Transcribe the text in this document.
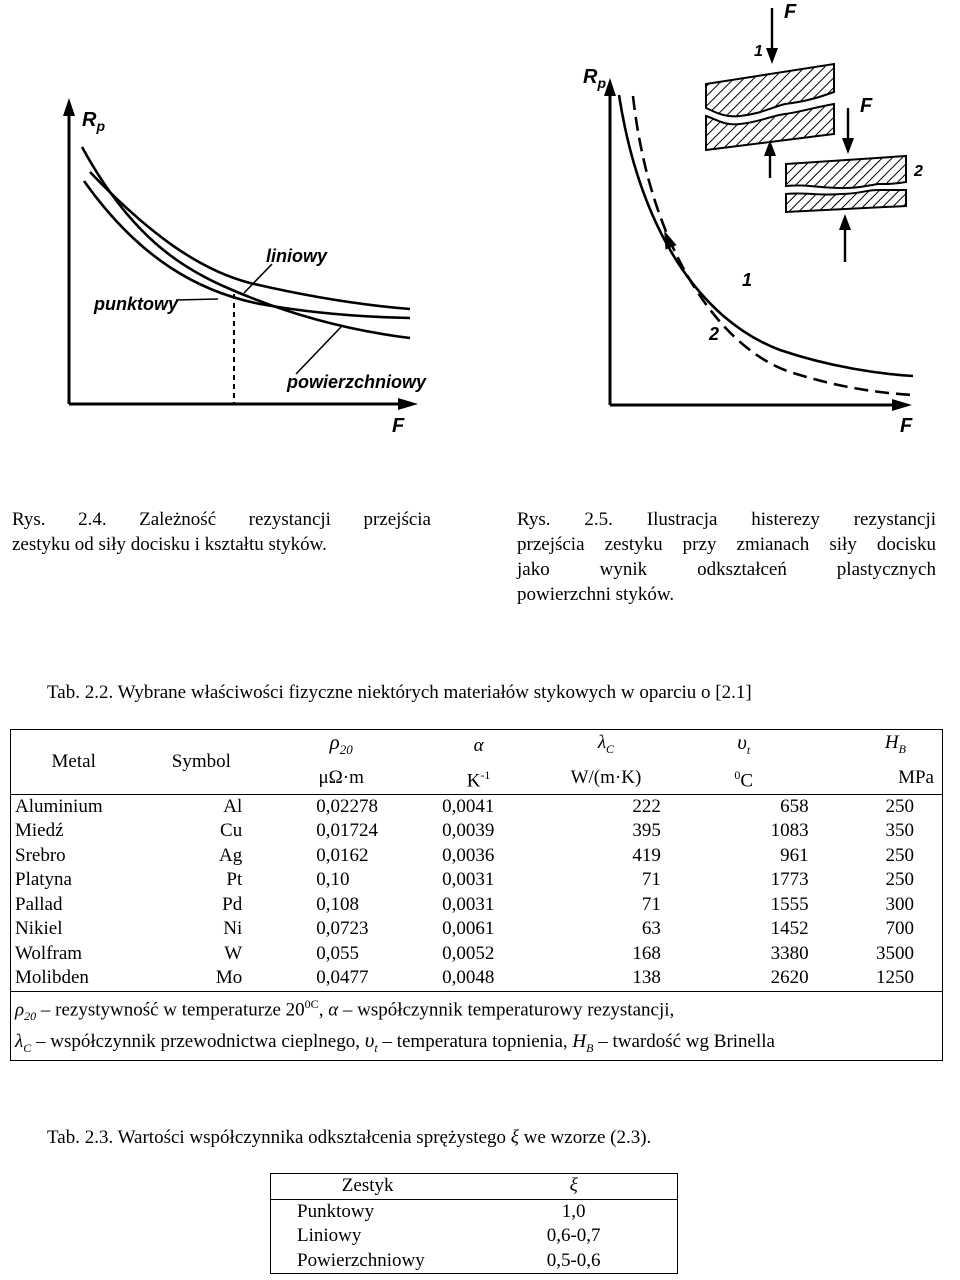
$R_p$
F
liniowy
punktowy
powierzchniowy
$R_p$
F
1
2
F
1
F
2
Rys. 2.4. Zależność rezystancji przejścia
zestyku od siły docisku i kształtu styków.
Rys. 2.5. Ilustracja histerezy rezystancji
przejścia zestyku przy zmianach siły docisku
jako wynik odkształceń plastycznych
powierzchni styków.
Tab. 2.2. Wybrane właściwości fizyczne niektórych materiałów stykowych w oparciu o [2.1]
Metal	Symbol	$\rho_{20}$	α	$\lambda_C$	$\upsilon_t$	$H_B$
		μΩ·m	$K^{-1}$	W/(m·K)	$^0$C	MPa
Aluminium	Al	0,02278	0,0041	222	658	250
Miedź	Cu	0,01724	0,0039	395	1083	350
Srebro	Ag	0,0162	0,0036	419	961	250
Platyna	Pt	0,10	0,0031	71	1773	250
Pallad	Pd	0,108	0,0031	71	1555	300
Nikiel	Ni	0,0723	0,0061	63	1452	700
Wolfram	W	0,055	0,0052	168	3380	3500
Molibden	Mo	0,0477	0,0048	138	2620	1250
$\rho_{20}$ – rezystywność w temperaturze $20^{0C}$, α – współczynnik temperaturowy rezystancji,						
$\lambda_C$ – współczynnik przewodnictwa cieplnego, $\upsilon_t$ – temperatura topnienia, $H_B$ – twardość wg Brinella						
Tab. 2.3. Wartości współczynnika odkształcenia sprężystego ξ we wzorze (2.3).
Zestyk	ξ
Punktowy	1,0
Liniowy	0,6-0,7
Powierzchniowy	0,5-0,6
